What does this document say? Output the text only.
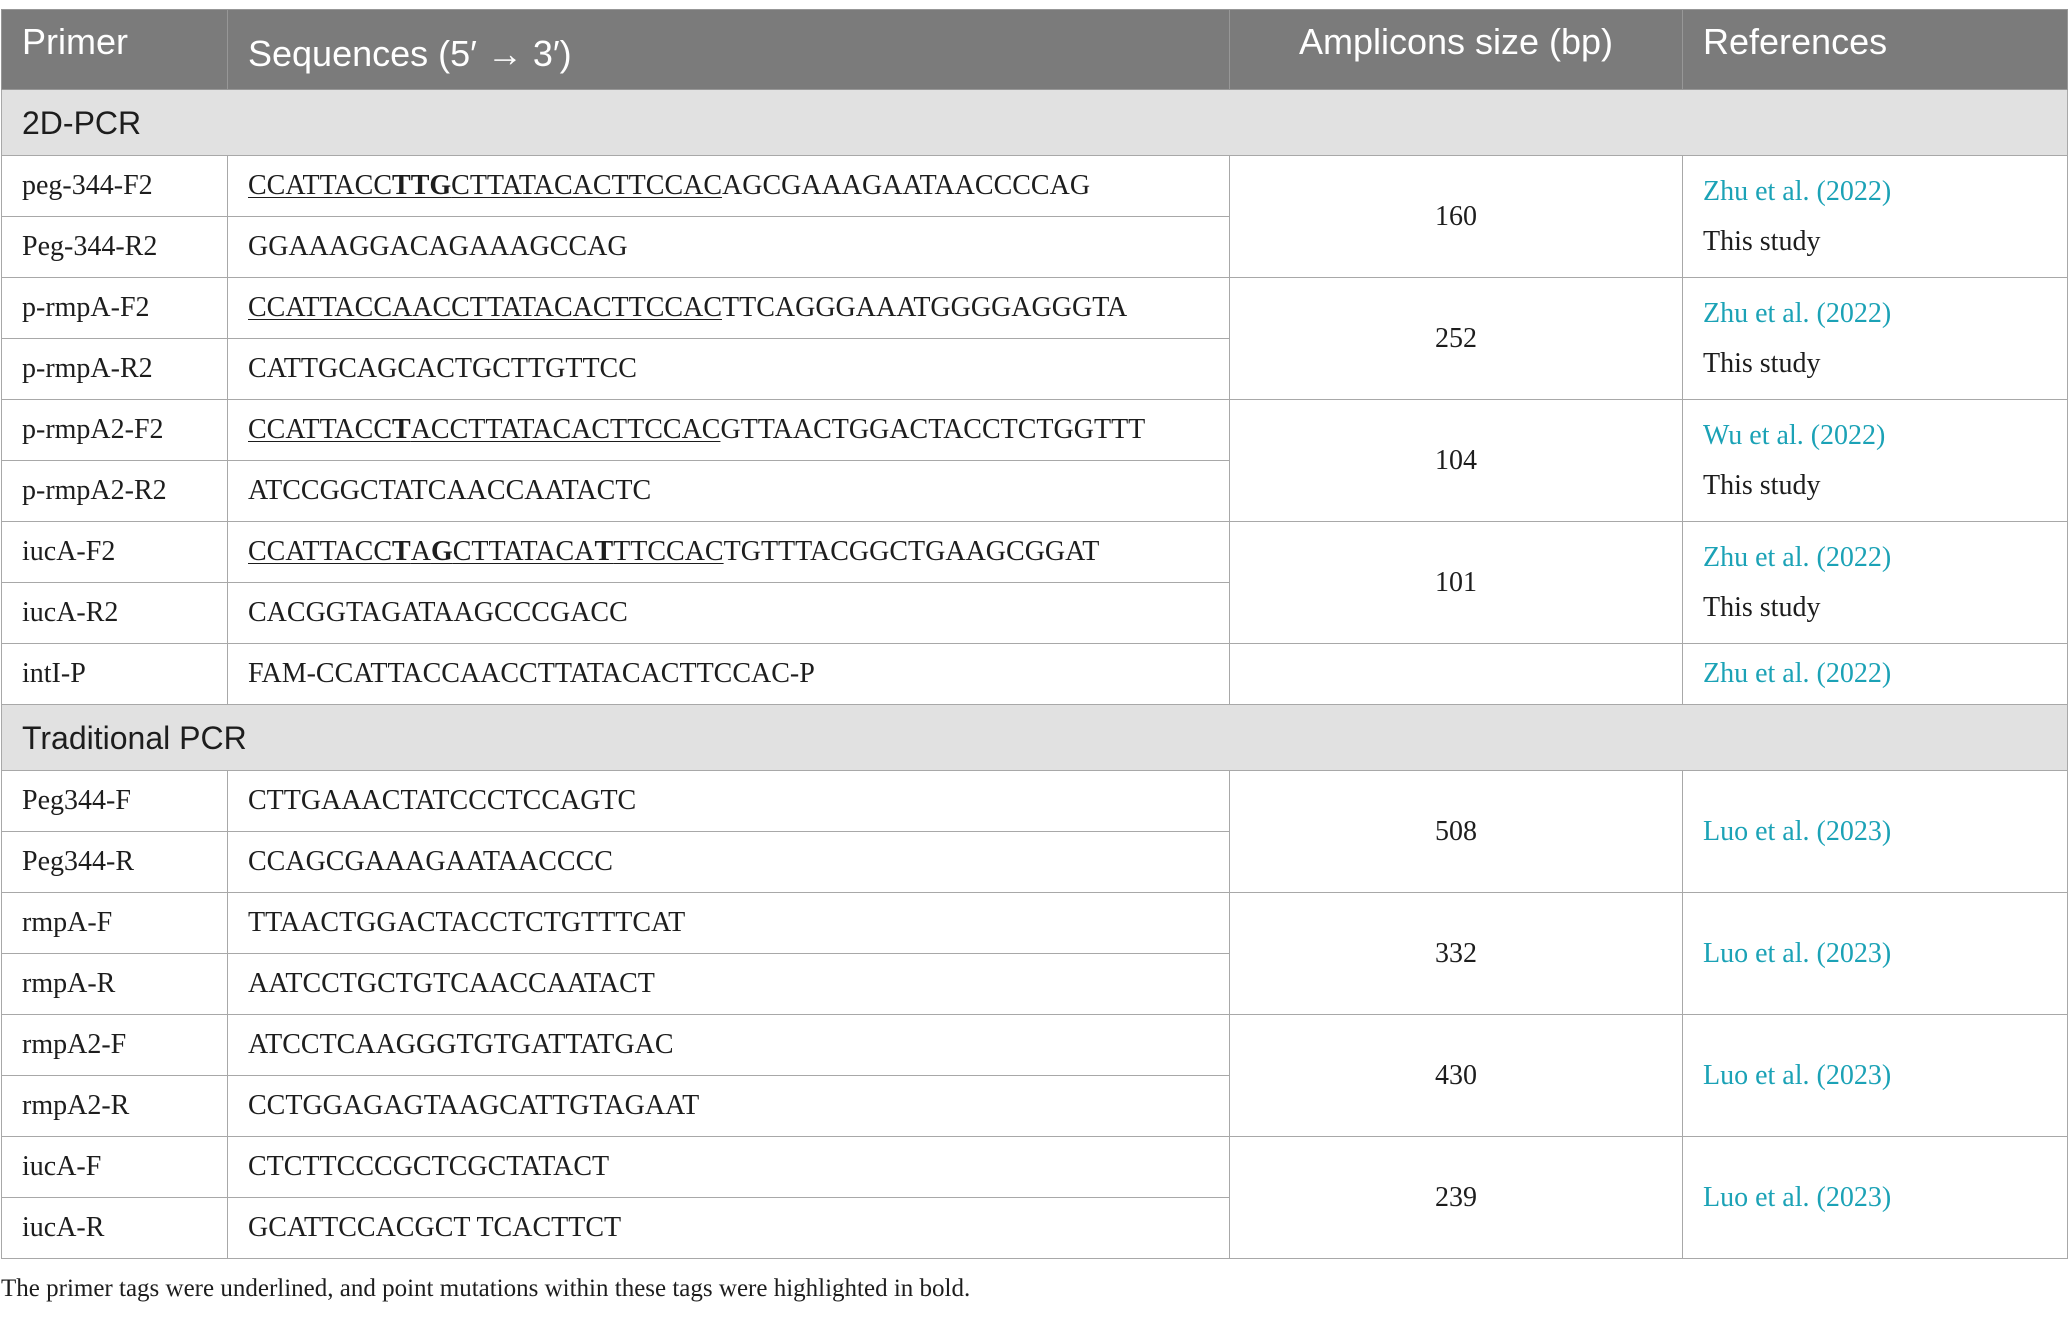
Primer	Sequences (5′ → 3′)	Amplicons size (bp)	References
2D-PCR			
peg-344-F2	CCATTACCTTGCTTATACACTTCCACAGCGAAAGAATAACCCCAG	160	Zhu et al. (2022)
This study

Peg-344-R2	GGAAAGGACAGAAAGCCAG		
p-rmpA-F2	CCATTACCAACCTTATACACTTCCACTTCAGGGAAATGGGGAGGGTA	252	Zhu et al. (2022)
This study

p-rmpA-R2	CATTGCAGCACTGCTTGTTCC		
p-rmpA2-F2	CCATTACCTACCTTATACACTTCCACGTTAACTGGACTACCTCTGGTTT	104	Wu et al. (2022)
This study

p-rmpA2-R2	ATCCGGCTATCAACCAATACTC		
iucA-F2	CCATTACCTAGCTTATACATTTCCACTGTTTACGGCTGAAGCGGAT	101	Zhu et al. (2022)
This study

iucA-R2	CACGGTAGATAAGCCCGACC		
intI-P	FAM-CCATTACCAACCTTATACACTTCCAC-P		Zhu et al. (2022)

Traditional PCR			
Peg344-F	CTTGAAACTATCCCTCCAGTC	508	Luo et al. (2023)

Peg344-R	CCAGCGAAAGAATAACCCC		
rmpA-F	TTAACTGGACTACCTCTGTTTCAT	332	Luo et al. (2023)

rmpA-R	AATCCTGCTGTCAACCAATACT		
rmpA2-F	ATCCTCAAGGGTGTGATTATGAC	430	Luo et al. (2023)

rmpA2-R	CCTGGAGAGTAAGCATTGTAGAAT		
iucA-F	CTCTTCCCGCTCGCTATACT	239	Luo et al. (2023)

iucA-R	GCATTCCACGCT TCACTTCT		

The primer tags were underlined, and point mutations within these tags were highlighted in bold.
